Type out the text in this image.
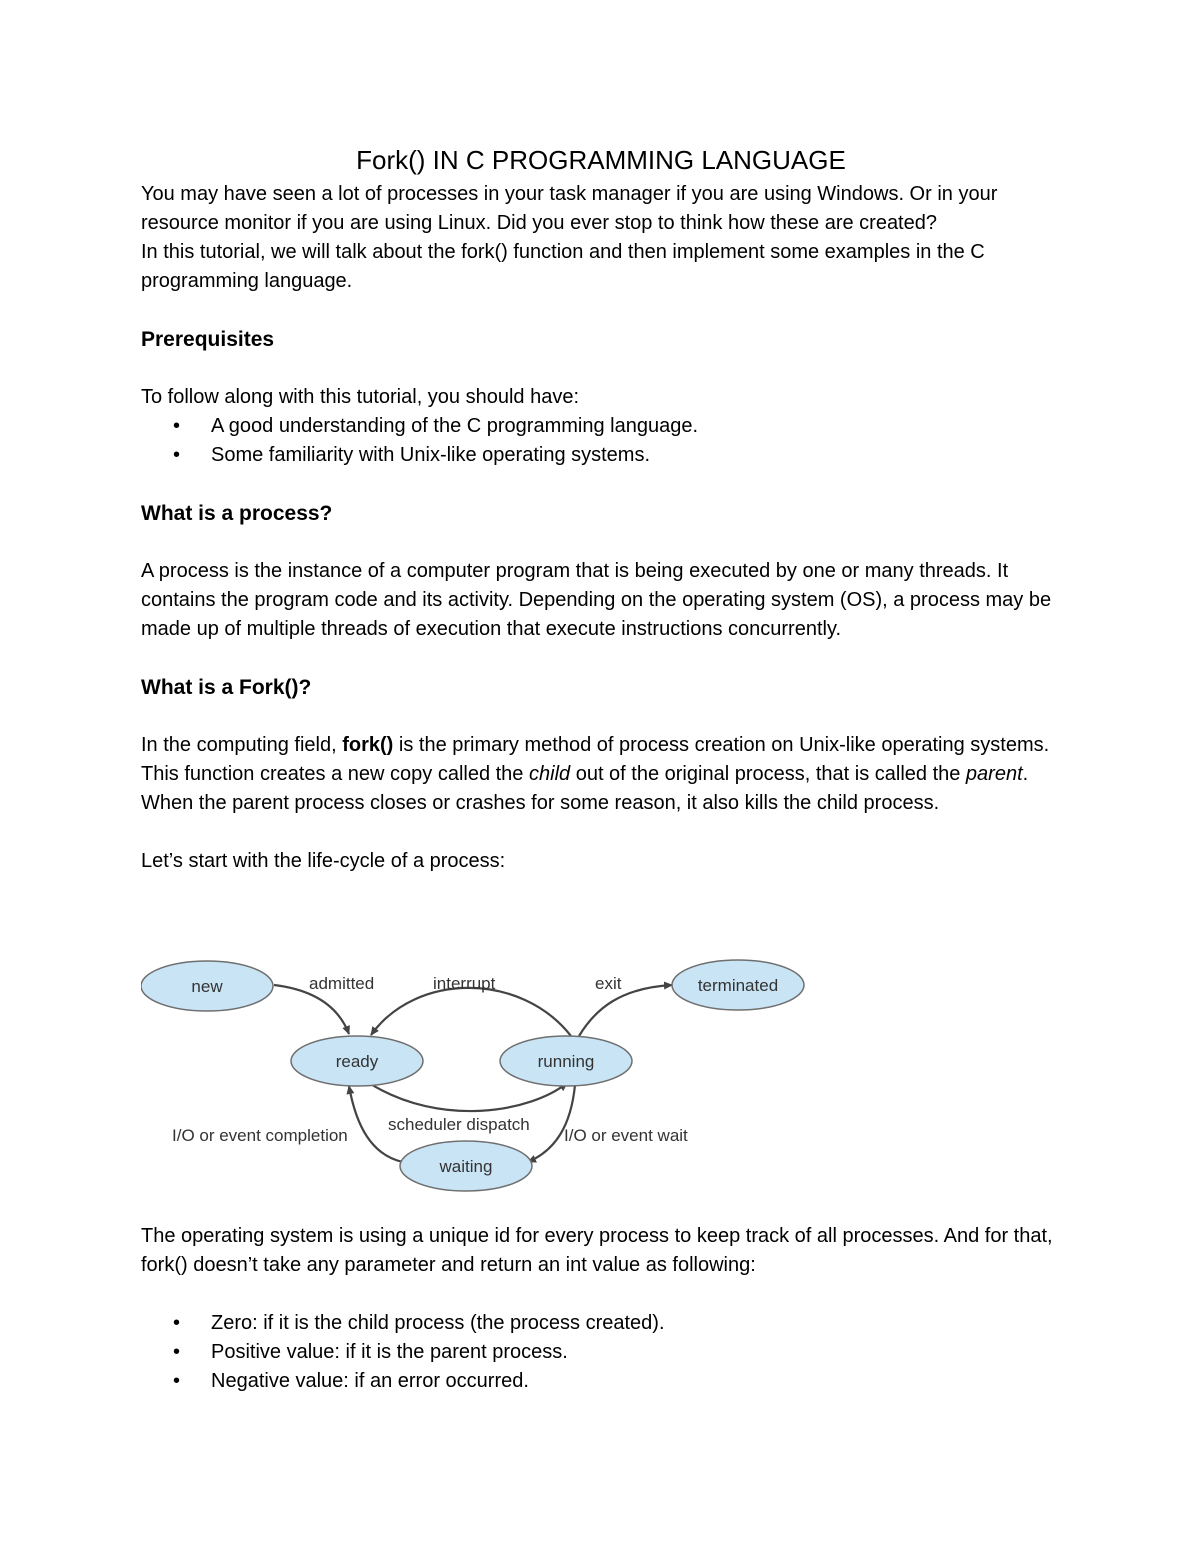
Fork() IN C PROGRAMMING LANGUAGE

You may have seen a lot of processes in your task manager if you are using Windows. Or in your resource monitor if you are using Linux. Did you ever stop to think how these are created?

In this tutorial, we will talk about the fork() function and then implement some examples in the C programming language.

Prerequisites

To follow along with this tutorial, you should have:

• A good understanding of the C programming language.
• Some familiarity with Unix-like operating systems.
What is a process?

A process is the instance of a computer program that is being executed by one or many threads. It contains the program code and its activity. Depending on the operating system (OS), a process may be made up of multiple threads of execution that execute instructions concurrently.

What is a Fork()?

In the computing field, fork() is the primary method of process creation on Unix-like operating systems. This function creates a new copy called the child out of the original process, that is called the parent. When the parent process closes or crashes for some reason, it also kills the child process.

Let’s start with the life-cycle of a process:

new
ready	running
waiting
terminated
admitted	interrupt	exit
scheduler dispatch
I/O or event completion	I/O or event wait

The operating system is using a unique id for every process to keep track of all processes. And for that, fork() doesn’t take any parameter and return an int value as following:

• Zero: if it is the child process (the process created).
• Positive value: if it is the parent process.
• Negative value: if an error occurred.
